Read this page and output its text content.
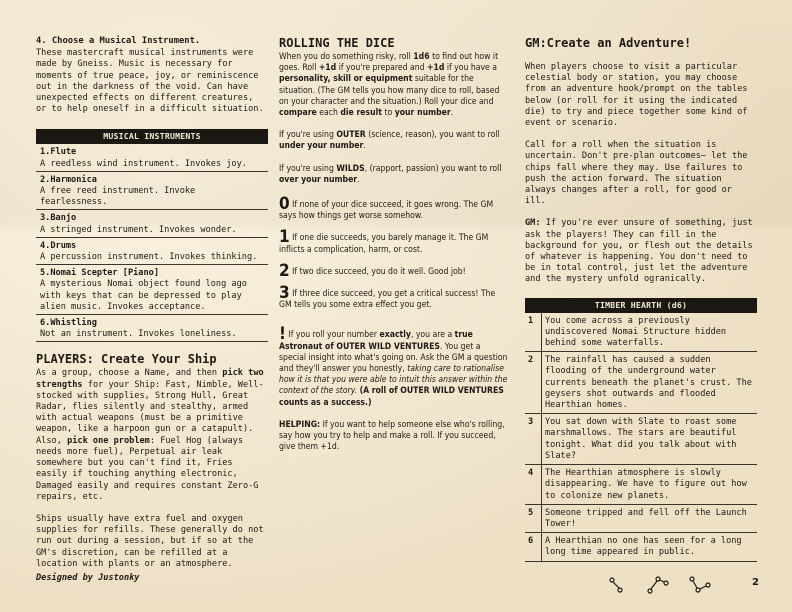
4. Choose a Musical Instrument.

These mastercraft musical instruments were made by Gneiss. Music is necessary for moments of true peace, joy, or reminiscence out in the darkness of the void. Can have unexpected effects on different creatures, or to help oneself in a difficult situation.

MUSICAL INSTRUMENTS
1.Flute
A reedless wind instrument. Invokes joy.
2.Harmonica
A free reed instrument. Invoke fearlessness.
3.Banjo
A stringed instrument. Invokes wonder.
4.Drums
A percussion instrument. Invokes thinking.
5.Nomai Scepter [Piano]
A mysterious Nomai object found long ago with keys that can be depressed to play alien music. Invokes acceptance.
6.Whistling
Not an instrument. Invokes loneliness.

PLAYERS: Create Your Ship

As a group, choose a Name, and then pick two strengths for your Ship: Fast, Nimble, Well-stocked with supplies, Strong Hull, Great Radar, flies silently and stealthy, armed with actual weapons (must be a primitive weapon, like a harpoon gun or a catapult). Also, pick one problem: Fuel Hog (always needs more fuel), Perpetual air leak somewhere but you can't find it, Fries easily if touching anything electronic, Damaged easily and requires constant Zero-G repairs, etc.

Ships usually have extra fuel and oxygen supplies for refills. These generally do not run out during a session, but if so at the GM's discretion, can be refilled at a location with plants or an atmosphere.

Designed by Justonky

ROLLING THE DICE

When you do something risky, roll 1d6 to find out how it goes. Roll +1d if you're prepared and +1d if you have a personality, skill or equipment suitable for the situation. (The GM tells you how many dice to roll, based on your character and the situation.) Roll your dice and compare each die result to your number.

If you're using OUTER (science, reason), you want to roll under your number.

If you're using WILDS, (rapport, passion) you want to roll over your number.

0 If none of your dice succeed, it goes wrong. The GM says how things get worse somehow.

1 If one die succeeds, you barely manage it. The GM inflicts a complication, harm, or cost.

2 If two dice succeed, you do it well. Good job!

3 If three dice succeed, you get a critical success! The GM tells you some extra effect you get.

! If you roll your number exactly, you are a true Astronaut of OUTER WILD VENTURES. You get a special insight into what's going on. Ask the GM a question and they'll answer you honestly, taking care to rationalise how it is that you were able to intuit this answer within the context of the story. (A roll of OUTER WILD VENTURES counts as a success.)

HELPING: If you want to help someone else who's rolling, say how you try to help and make a roll. If you succeed, give them +1d.

GM:Create an Adventure!

When players choose to visit a particular celestial body or station, you may choose from an adventure hook/prompt on the tables below (or roll for it using the indicated die) to try and piece together some kind of event or scenario.

Call for a roll when the situation is uncertain. Don't pre-plan outcomes— let the chips fall where they may. Use failures to push the action forward. The situation always changes after a roll, for good or ill.

GM: If you're ever unsure of something, just ask the players! They can fill in the background for you, or flesh out the details of whatever is happening. You don't need to be in total control, just let the adventure and the mystery unfold ogranically.

TIMBER HEARTH (d6)
1	You come across a previously undiscovered Nomai Structure hidden behind some waterfalls.
2	The rainfall has caused a sudden flooding of the underground water currents beneath the planet's crust. The geysers shot outwards and flooded Hearthian homes.
3	You sat down with Slate to roast some marshmallows. The stars are beautiful tonight. What did you talk about with Slate?
4	The Hearthian atmosphere is slowly disappearing. We have to figure out how to colonize new planets.
5	Someone tripped and fell off the Launch Tower!
6	A Hearthian no one has seen for a long long time appeared in public.
2
